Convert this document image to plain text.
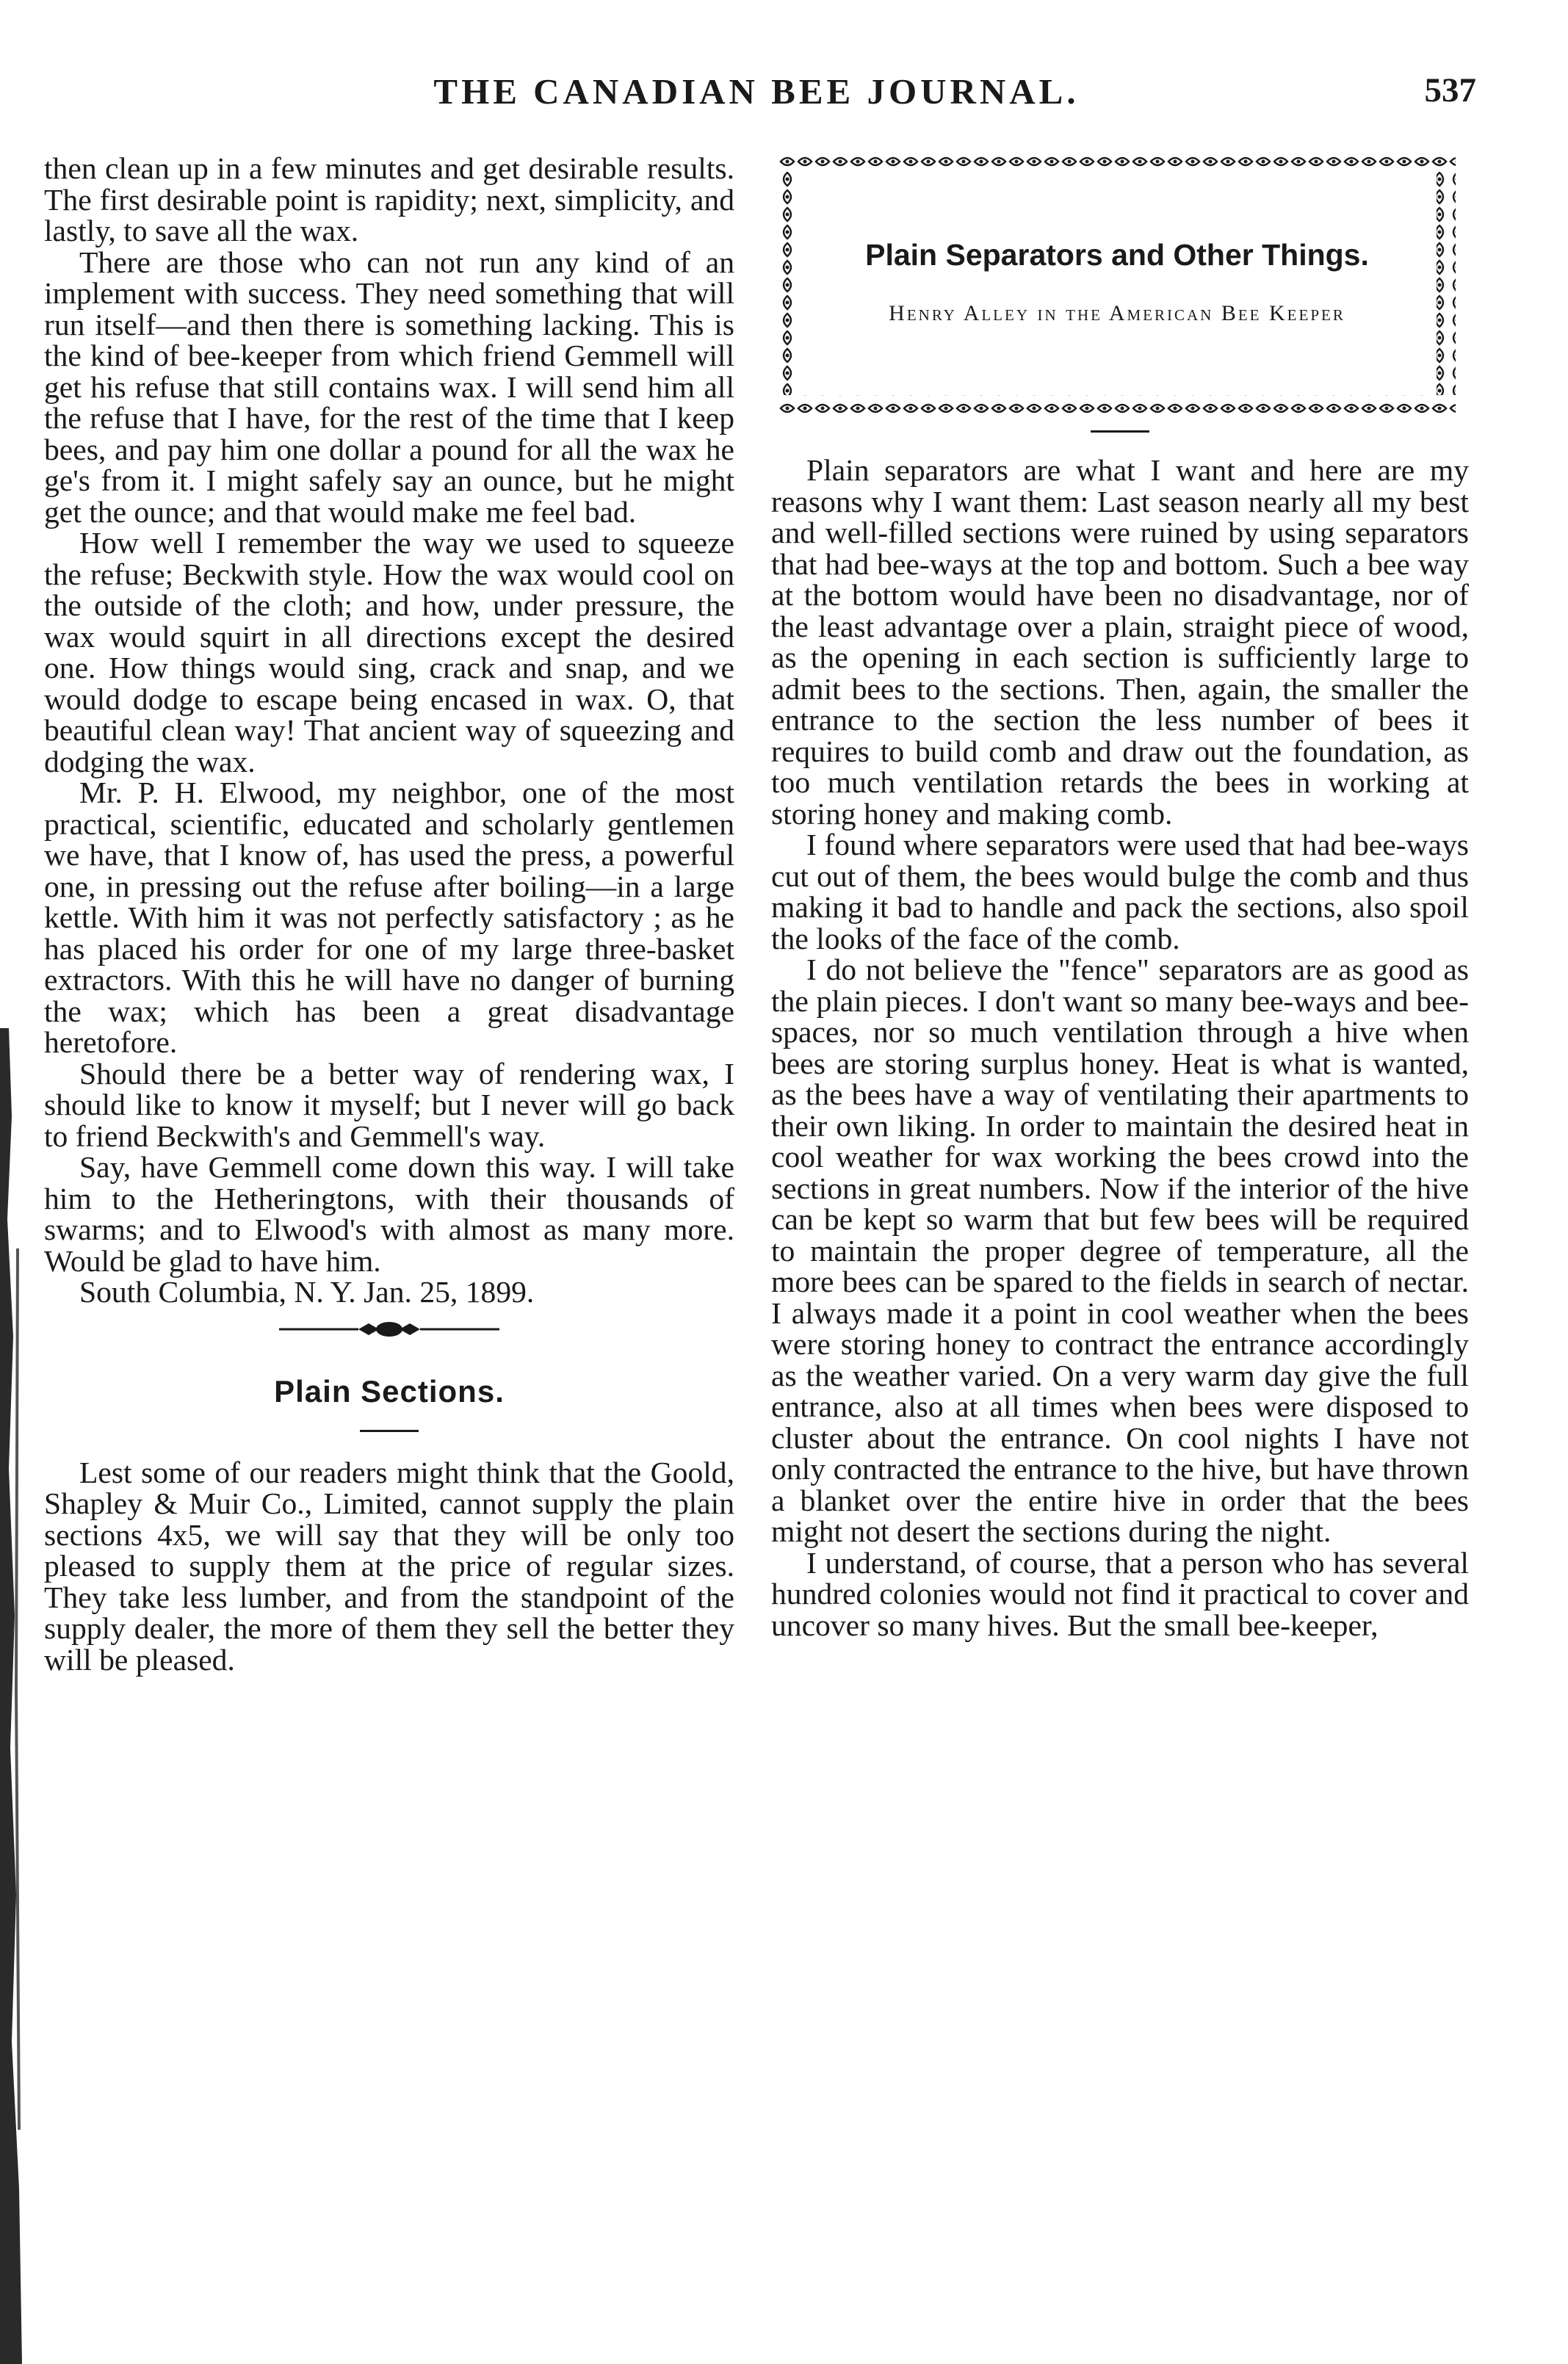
THE CANADIAN BEE JOURNAL.	537

then clean up in a few minutes and get desirable results. The first desirable point is rapidity; next, simplicity, and lastly, to save all the wax.

There are those who can not run any kind of an implement with success. They need something that will run itself—and then there is something lacking. This is the kind of bee-keeper from which friend Gemmell will get his refuse that still contains wax. I will send him all the refuse that I have, for the rest of the time that I keep bees, and pay him one dollar a pound for all the wax he ge's from it. I might safely say an ounce, but he might get the ounce; and that would make me feel bad.

How well I remember the way we used to squeeze the refuse; Beckwith style. How the wax would cool on the outside of the cloth; and how, under pressure, the wax would squirt in all directions except the desired one. How things would sing, crack and snap, and we would dodge to escape being encased in wax. O, that beautiful clean way! That ancient way of squeezing and dodging the wax.

Mr. P. H. Elwood, my neighbor, one of the most practical, scientific, educated and scholarly gentlemen we have, that I know of, has used the press, a powerful one, in pressing out the refuse after boiling—in a large kettle. With him it was not perfectly satisfactory ; as he has placed his order for one of my large three-basket extractors. With this he will have no danger of burning the wax; which has been a great disadvantage heretofore.

Should there be a better way of rendering wax, I should like to know it myself; but I never will go back to friend Beckwith's and Gemmell's way.

Say, have Gemmell come down this way. I will take him to the Hetheringtons, with their thousands of swarms; and to Elwood's with almost as many more. Would be glad to have him.

South Columbia, N. Y. Jan. 25, 1899.

Plain Sections.

Lest some of our readers might think that the Goold, Shapley & Muir Co., Limited, cannot supply the plain sections 4x5, we will say that they will be only too pleased to supply them at the price of regular sizes. They take less lumber, and from the standpoint of the supply dealer, the more of them they sell the better they will be pleased.

Plain Separators and Other Things.
Henry Alley in the American Bee Keeper

Plain separators are what I want and here are my reasons why I want them: Last season nearly all my best and well-filled sections were ruined by using separators that had bee-ways at the top and bottom. Such a bee way at the bottom would have been no disadvantage, nor of the least advantage over a plain, straight piece of wood, as the opening in each section is sufficiently large to admit bees to the sections. Then, again, the smaller the entrance to the section the less number of bees it requires to build comb and draw out the foundation, as too much ventilation retards the bees in working at storing honey and making comb.

I found where separators were used that had bee-ways cut out of them, the bees would bulge the comb and thus making it bad to handle and pack the sections, also spoil the looks of the face of the comb.

I do not believe the "fence" separators are as good as the plain pieces. I don't want so many bee-ways and bee-spaces, nor so much ventilation through a hive when bees are storing surplus honey. Heat is what is wanted, as the bees have a way of ventilating their apartments to their own liking. In order to maintain the desired heat in cool weather for wax working the bees crowd into the sections in great numbers. Now if the interior of the hive can be kept so warm that but few bees will be required to maintain the proper degree of temperature, all the more bees can be spared to the fields in search of nectar. I always made it a point in cool weather when the bees were storing honey to contract the entrance accordingly as the weather varied. On a very warm day give the full entrance, also at all times when bees were disposed to cluster about the entrance. On cool nights I have not only contracted the entrance to the hive, but have thrown a blanket over the entire hive in order that the bees might not desert the sections during the night.

I understand, of course, that a person who has several hundred colonies would not find it practical to cover and uncover so many hives. But the small bee-keeper,
